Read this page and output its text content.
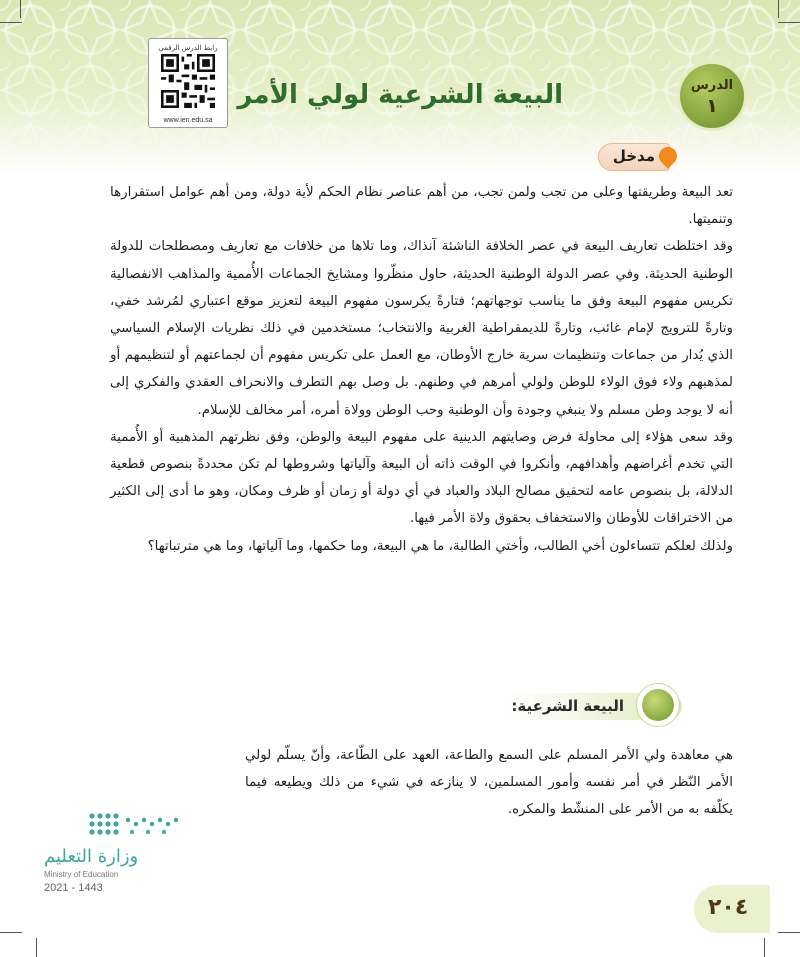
رابط الدرس الرقمي
www.ien.edu.sa
البيعة الشرعية لولي الأمر	الدرس
١
مدخل

تعد البيعة وطريقتها وعلى من تجب ولمن تجب، من أهم عناصر نظام الحكم لأية دولة، ومن أهم عوامل استقرارها وتنميتها.

وقد اختلطت تعاريف البيعة في عصر الخلافة الناشئة آنذاك، وما تلاها من خلافات مع تعاريف ومصطلحات للدولة الوطنية الحديثة. وفي عصر الدولة الوطنية الحديثة، حاول منظّروا ومشايخ الجماعات الأُممية والمذاهب الانفصالية تكريس مفهوم البيعة وفق ما يناسب توجهاتهم؛ فتارةً يكرسون مفهوم البيعة لتعزيز موقع اعتباري لمُرشد خفي، وتارةً للترويج لإمام غائب، وتارةً للديمقراطية الغربية والانتخاب؛ مستخدمين في ذلك نظريات الإسلام السياسي الذي يُدار من جماعات وتنظيمات سرية خارج الأوطان، مع العمل على تكريس مفهوم أن لجماعتهم أو لتنظيمهم أو لمذهبهم ولاء فوق الولاء للوطن ولولي أمرهم في وطنهم. بل وصل بهم التطرف والانحراف العقدي والفكري إلى أنه لا يوجد وطن مسلم ولا ينبغي وجودة وأن الوطنية وحب الوطن وولاة أمره، أمر مخالف للإسلام.

وقد سعى هؤلاء إلى محاولة فرض وصايتهم الدينية على مفهوم البيعة والوطن، وفق نظرتهم المذهبية أو الأُممية التي تخدم أغراضهم وأهدافهم، وأنكروا في الوقت ذاته أن البيعة وآلياتها وشروطها لم تكن محددةً بنصوص قطعية الدلالة، بل بنصوص عامه لتحقيق مصالح البلاد والعباد في أي دولة أو زمان أو ظرف ومكان، وهو ما أدى إلى الكثير من الاختراقات للأوطان والاستخفاف بحقوق ولاة الأمر فيها.

ولذلك لعلكم تتساءلون أخي الطالب، وأختي الطالبة، ما هي البيعة، وما حكمها، وما آلياتها، وما هي مترتباتها؟

البيعة الشرعية:

هي معاهدة ولي الأمر المسلم على السمع والطاعة، العهد على الطّاعة، وأنّ يسلّم لولي الأمر النّظر في أمر نفسه وأمور المسلمين، لا ينازعه في شيء من ذلك ويطيعه فيما يكلّفه به من الأمر على المنشّط والمكره.

وزارة التعليم
Ministry of Education
2021 - 1443
٢٠٤
